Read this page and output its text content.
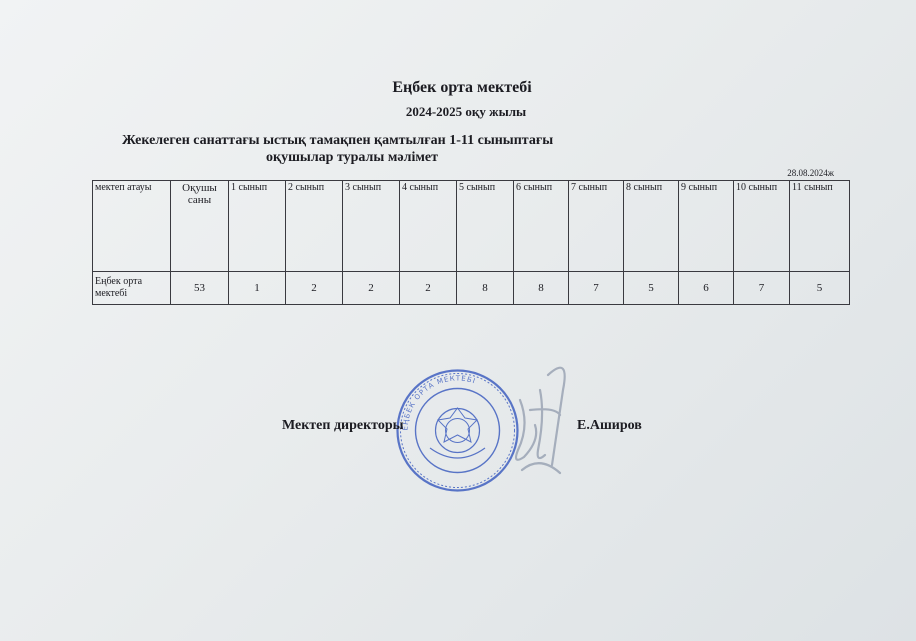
Еңбек орта мектебі
2024-2025 оқу жылы
Жекелеген санаттағы ыстық тамақпен қамтылған 1-11 сыныптағы
оқушылар туралы мәлімет
28.08.2024ж
мектеп атауы	Оқушы саны	1 сынып	2 сынып	3 сынып	4 сынып	5 сынып	6 сынып	7 сынып	8 сынып	9 сынып	10 сынып	11 сынып
Еңбек орта мектебі	53	1	2	2	2	8	8	7	5	6	7	5
ЕҢБЕК ОРТА МЕКТЕБІ
Мектеп директоры	Е.Аширов
